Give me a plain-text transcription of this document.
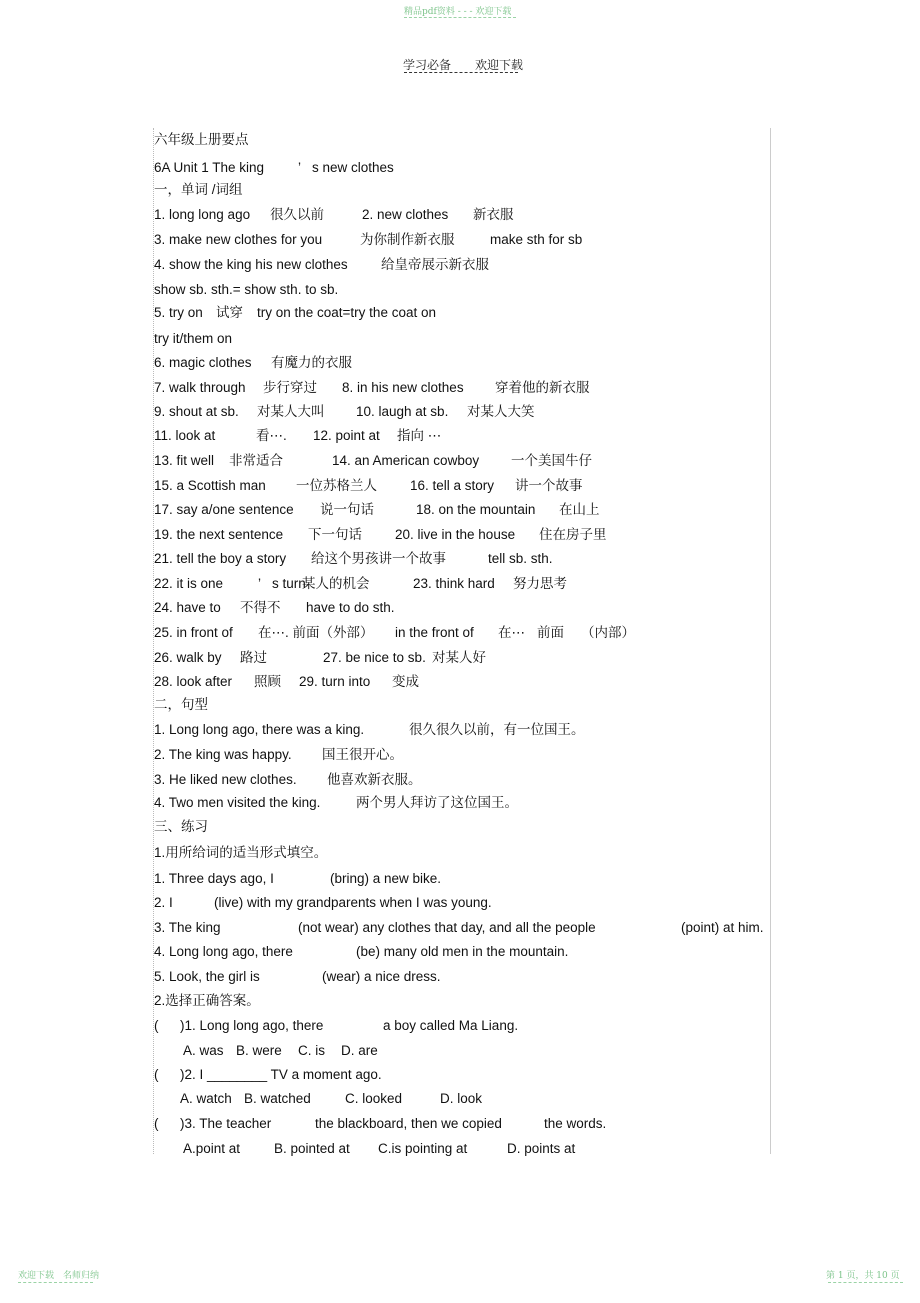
精品pdf资料 - - - 欢迎下载
学习必备 欢迎下载
六年级上册要点
6A Unit 1 The king	’ s new clothes
一，单词 /词组
1. long long ago 很久以前	2. new clothes 新衣服
3. make new clothes for you	为你制作新衣服	make sth for sb
4. show the king his new clothes 给皇帝展示新衣服
show sb. sth.= show sth. to sb.
5. try on 试穿 try on the coat=try the coat on
try it/them on
6. magic clothes 有魔力的衣服
7. walk through 步行穿过 8. in his new clothes 穿着他的新衣服
9. shout at sb. 对某人大叫 10. laugh at sb. 对某人大笑
11. look at	看⋯. 12. point at 指向 ⋯
13. fit well 非常适合	14. an American cowboy 一个美国牛仔
15. a Scottish man 一位苏格兰人 16. tell a story 讲一个故事
17. say a/one sentence 说一句话	18. on the mountain 在山上
19. the next sentence 下一句话 20. live in the house 住在房子里
21. tell the boy a story 给这个男孩讲一个故事	tell sb. sth.
22. it is one	’ s turn
某人的机会	23. think hard 努力思考
24. have to 不得不 have to do sth.
25. in front of 在⋯. 前面（外部） in the front of 在⋯ 前面 （内部）
26. walk by 路过	27. be nice to sb. 对某人好
28. look after 照顾 29. turn into 变成
二，句型
1. Long long ago, there was a king.	很久很久以前，有一位国王。
2. The king was happy. 国王很开心。
3. He liked new clothes. 他喜欢新衣服。
4. Two men visited the king.	两个男人拜访了这位国王。
三、练习
1.用所给词的适当形式填空。
1. Three days ago, I	(bring) a new bike.
2. I	(live) with my grandparents when I was young.
3. The king	(not wear) any clothes that day, and all the people	(point) at him.
4. Long long ago, there	(be) many old men in the mountain.
5. Look, the girl is	(wear) a nice dress.
2.选择正确答案。
( )1. Long long ago, there	a boy called Ma Liang.
A. was B. were C. is D. are
( )2. I ________ TV a moment ago.
A. watch B. watched	C. looked	D. look
( )3. The teacher	the blackboard, then we copied	the words.
A.point at	B. pointed at C.is pointing at	D. points at
欢迎下载　名师归纳	第 1 页，共 10 页
